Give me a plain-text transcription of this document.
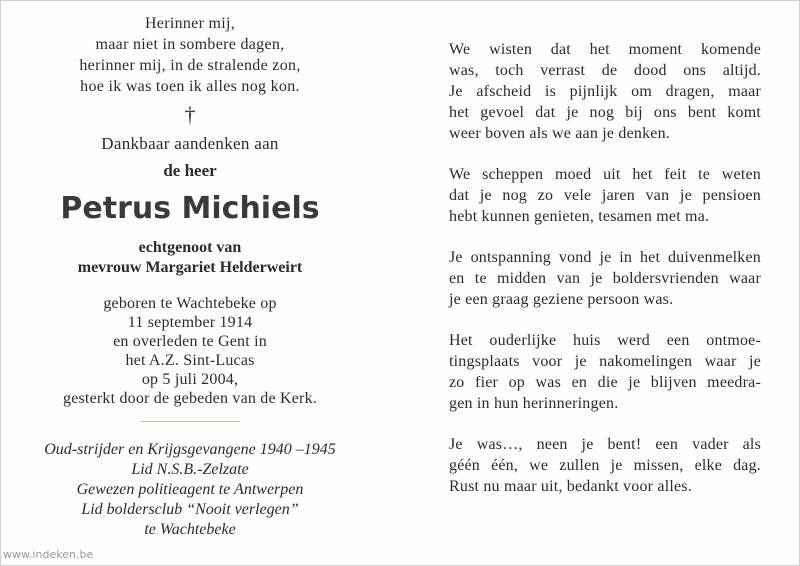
Herinner mij,
maar niet in sombere dagen,
herinner mij, in de stralende zon,
hoe ik was toen ik alles nog kon.
†
Dankbaar aandenken aan
de heer
Petrus Michiels
echtgenoot van
mevrouw Margariet Helderweirt
geboren te Wachtebeke op
11 september 1914
en overleden te Gent in
het A.Z. Sint-Lucas
op 5 juli 2004,
gesterkt door de gebeden van de Kerk.
Oud-strijder en Krijgsgevangene 1940 –1945
Lid N.S.B.-Zelzate
Gewezen politieagent te Antwerpen
Lid boldersclub “Nooit verlegen”
te Wachtebeke
We wisten dat het moment komende
was, toch verrast de dood ons altijd.
Je afscheid is pijnlijk om dragen, maar
het gevoel dat je nog bij ons bent komt
weer boven als we aan je denken.
We scheppen moed uit het feit te weten
dat je nog zo vele jaren van je pensioen
hebt kunnen genieten, tesamen met ma.
Je ontspanning vond je in het duivenmelken
en te midden van je boldersvrienden waar
je een graag geziene persoon was.
Het ouderlijke huis werd een ontmoe-
tingsplaats voor je nakomelingen waar je
zo fier op was en die je blijven meedra-
gen in hun herinneringen.
Je was…, neen je bent! een vader als
géén één, we zullen je missen, elke dag.
Rust nu maar uit, bedankt voor alles.
www.indeken.be
